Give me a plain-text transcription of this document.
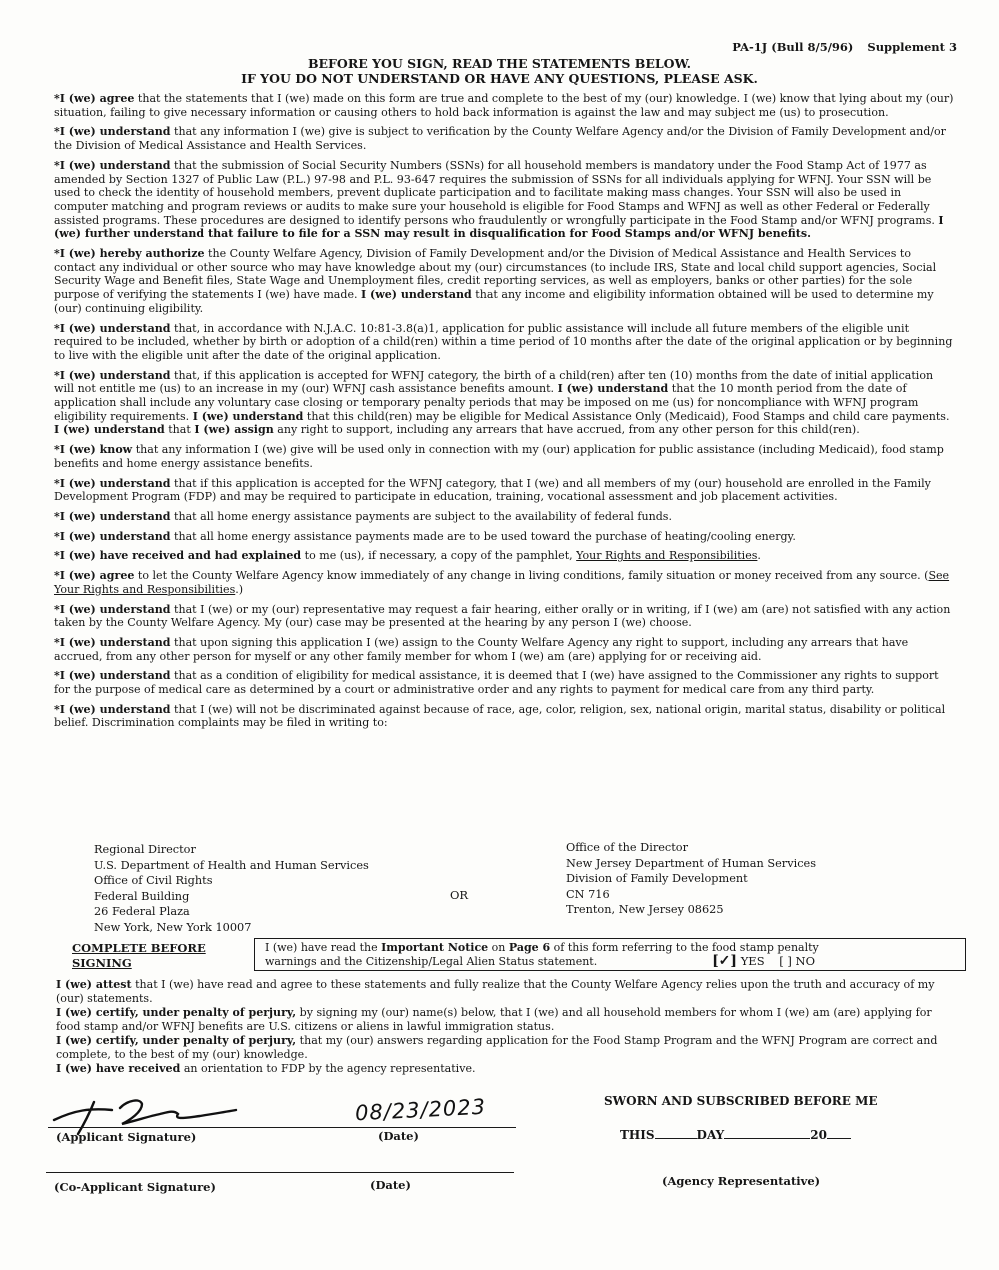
PA-1J (Bull 8/5/96) Supplement 3
BEFORE YOU SIGN, READ THE STATEMENTS BELOW.
IF YOU DO NOT UNDERSTAND OR HAVE ANY QUESTIONS, PLEASE ASK.

*I (we) agree that the statements that I (we) made on this form are true and complete to the best of my (our) knowledge. I (we) know that lying about my (our) situation, failing to give necessary information or causing others to hold back information is against the law and may subject me (us) to prosecution.

*I (we) understand that any information I (we) give is subject to verification by the County Welfare Agency and/or the Division of Family Development and/or the Division of Medical Assistance and Health Services.

*I (we) understand that the submission of Social Security Numbers (SSNs) for all household members is mandatory under the Food Stamp Act of 1977 as amended by Section 1327 of Public Law (P.L.) 97-98 and P.L. 93-647 requires the submission of SSNs for all individuals applying for WFNJ. Your SSN will be used to check the identity of household members, prevent duplicate participation and to facilitate making mass changes. Your SSN will also be used in computer matching and program reviews or audits to make sure your household is eligible for Food Stamps and WFNJ as well as other Federal or Federally assisted programs. These procedures are designed to identify persons who fraudulently or wrongfully participate in the Food Stamp and/or WFNJ programs. I (we) further understand that failure to file for a SSN may result in disqualification for Food Stamps and/or WFNJ benefits.

*I (we) hereby authorize the County Welfare Agency, Division of Family Development and/or the Division of Medical Assistance and Health Services to contact any individual or other source who may have knowledge about my (our) circumstances (to include IRS, State and local child support agencies, Social Security Wage and Benefit files, State Wage and Unemployment files, credit reporting services, as well as employers, banks or other parties) for the sole purpose of verifying the statements I (we) have made. I (we) understand that any income and eligibility information obtained will be used to determine my (our) continuing eligibility.

*I (we) understand that, in accordance with N.J.A.C. 10:81-3.8(a)1, application for public assistance will include all future members of the eligible unit required to be included, whether by birth or adoption of a child(ren) within a time period of 10 months after the date of the original application or by beginning to live with the eligible unit after the date of the original application.

*I (we) understand that, if this application is accepted for WFNJ category, the birth of a child(ren) after ten (10) months from the date of initial application will not entitle me (us) to an increase in my (our) WFNJ cash assistance benefits amount. I (we) understand that the 10 month period from the date of application shall include any voluntary case closing or temporary penalty periods that may be imposed on me (us) for noncompliance with WFNJ program eligibility requirements. I (we) understand that this child(ren) may be eligible for Medical Assistance Only (Medicaid), Food Stamps and child care payments. I (we) understand that I (we) assign any right to support, including any arrears that have accrued, from any other person for this child(ren).

*I (we) know that any information I (we) give will be used only in connection with my (our) application for public assistance (including Medicaid), food stamp benefits and home energy assistance benefits.

*I (we) understand that if this application is accepted for the WFNJ category, that I (we) and all members of my (our) household are enrolled in the Family Development Program (FDP) and may be required to participate in education, training, vocational assessment and job placement activities.

*I (we) understand that all home energy assistance payments are subject to the availability of federal funds.

*I (we) understand that all home energy assistance payments made are to be used toward the purchase of heating/cooling energy.

*I (we) have received and had explained to me (us), if necessary, a copy of the pamphlet, Your Rights and Responsibilities.

*I (we) agree to let the County Welfare Agency know immediately of any change in living conditions, family situation or money received from any source. (See Your Rights and Responsibilities.)

*I (we) understand that I (we) or my (our) representative may request a fair hearing, either orally or in writing, if I (we) am (are) not satisfied with any action taken by the County Welfare Agency. My (our) case may be presented at the hearing by any person I (we) choose.

*I (we) understand that upon signing this application I (we) assign to the County Welfare Agency any right to support, including any arrears that have accrued, from any other person for myself or any other family member for whom I (we) am (are) applying for or receiving aid.

*I (we) understand that as a condition of eligibility for medical assistance, it is deemed that I (we) have assigned to the Commissioner any rights to support for the purpose of medical care as determined by a court or administrative order and any rights to payment for medical care from any third party.

*I (we) understand that I (we) will not be discriminated against because of race, age, color, religion, sex, national origin, marital status, disability or political belief. Discrimination complaints may be filed in writing to:

Regional Director
U.S. Department of Health and Human Services
Office of Civil Rights
Federal Building
26 Federal Plaza
New York, New York 10007
OR
Office of the Director
New Jersey Department of Human Services
Division of Family Development
CN 716
Trenton, New Jersey 08625
COMPLETE BEFORE
SIGNING
I (we) have read the Important Notice on Page 6 of this form referring to the food stamp penalty
warnings and the Citizenship/Legal Alien Status statement.	[✓] YES [ ] NO

I (we) attest that I (we) have read and agree to these statements and fully realize that the County Welfare Agency relies upon the truth and accuracy of my (our) statements.

I (we) certify, under penalty of perjury, by signing my (our) name(s) below, that I (we) and all household members for whom I (we) am (are) applying for food stamp and/or WFNJ benefits are U.S. citizens or aliens in lawful immigration status.

I (we) certify, under penalty of perjury, that my (our) answers regarding application for the Food Stamp Program and the WFNJ Program are correct and complete, to the best of my (our) knowledge.

I (we) have received an orientation to FDP by the agency representative.

08/23/2023
(Applicant Signature)	(Date)
(Co-Applicant Signature)	(Date)
SWORN AND SUBSCRIBED BEFORE ME
THIS	DAY	20
(Agency Representative)
